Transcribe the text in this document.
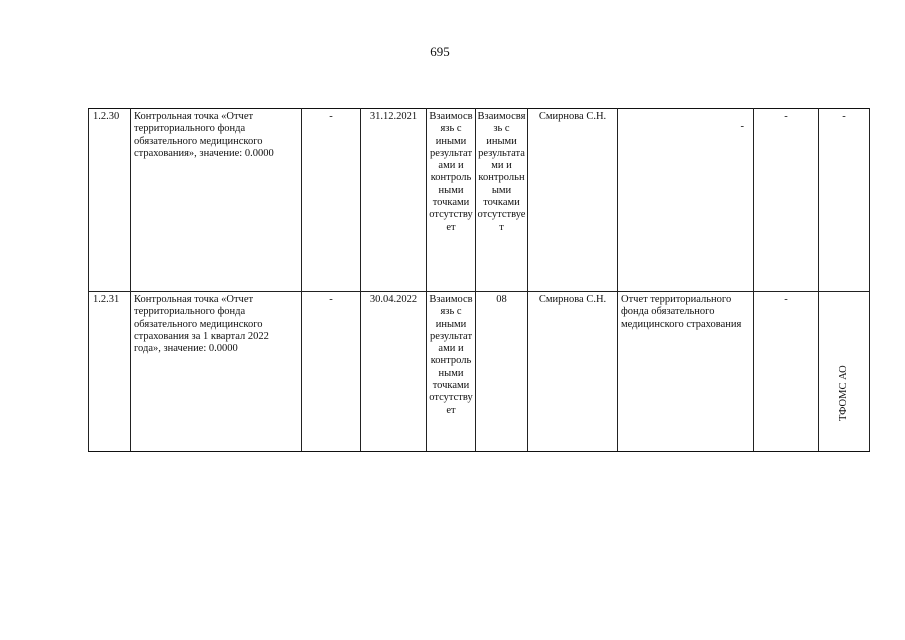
695
1.2.30	Контрольная точка «Отчет территориального фонда обязательного медицинского страхования», значение: 0.0000	-	31.12.2021	Взаимосвязь с иными результатами и контрольными точками отсутствует	Взаимосвязь с иными результатами и контрольными точками отсутствует	Смирнова С.Н.	-	-	-
1.2.31	Контрольная точка «Отчет территориального фонда обязательного медицинского страхования за 1 квартал 2022 года», значение: 0.0000	-	30.04.2022	Взаимосвязь с иными результатами и контрольными точками отсутствует	08	Смирнова С.Н.	Отчет территориального фонда обязательного медицинского страхования	-	ТФОМС АО
